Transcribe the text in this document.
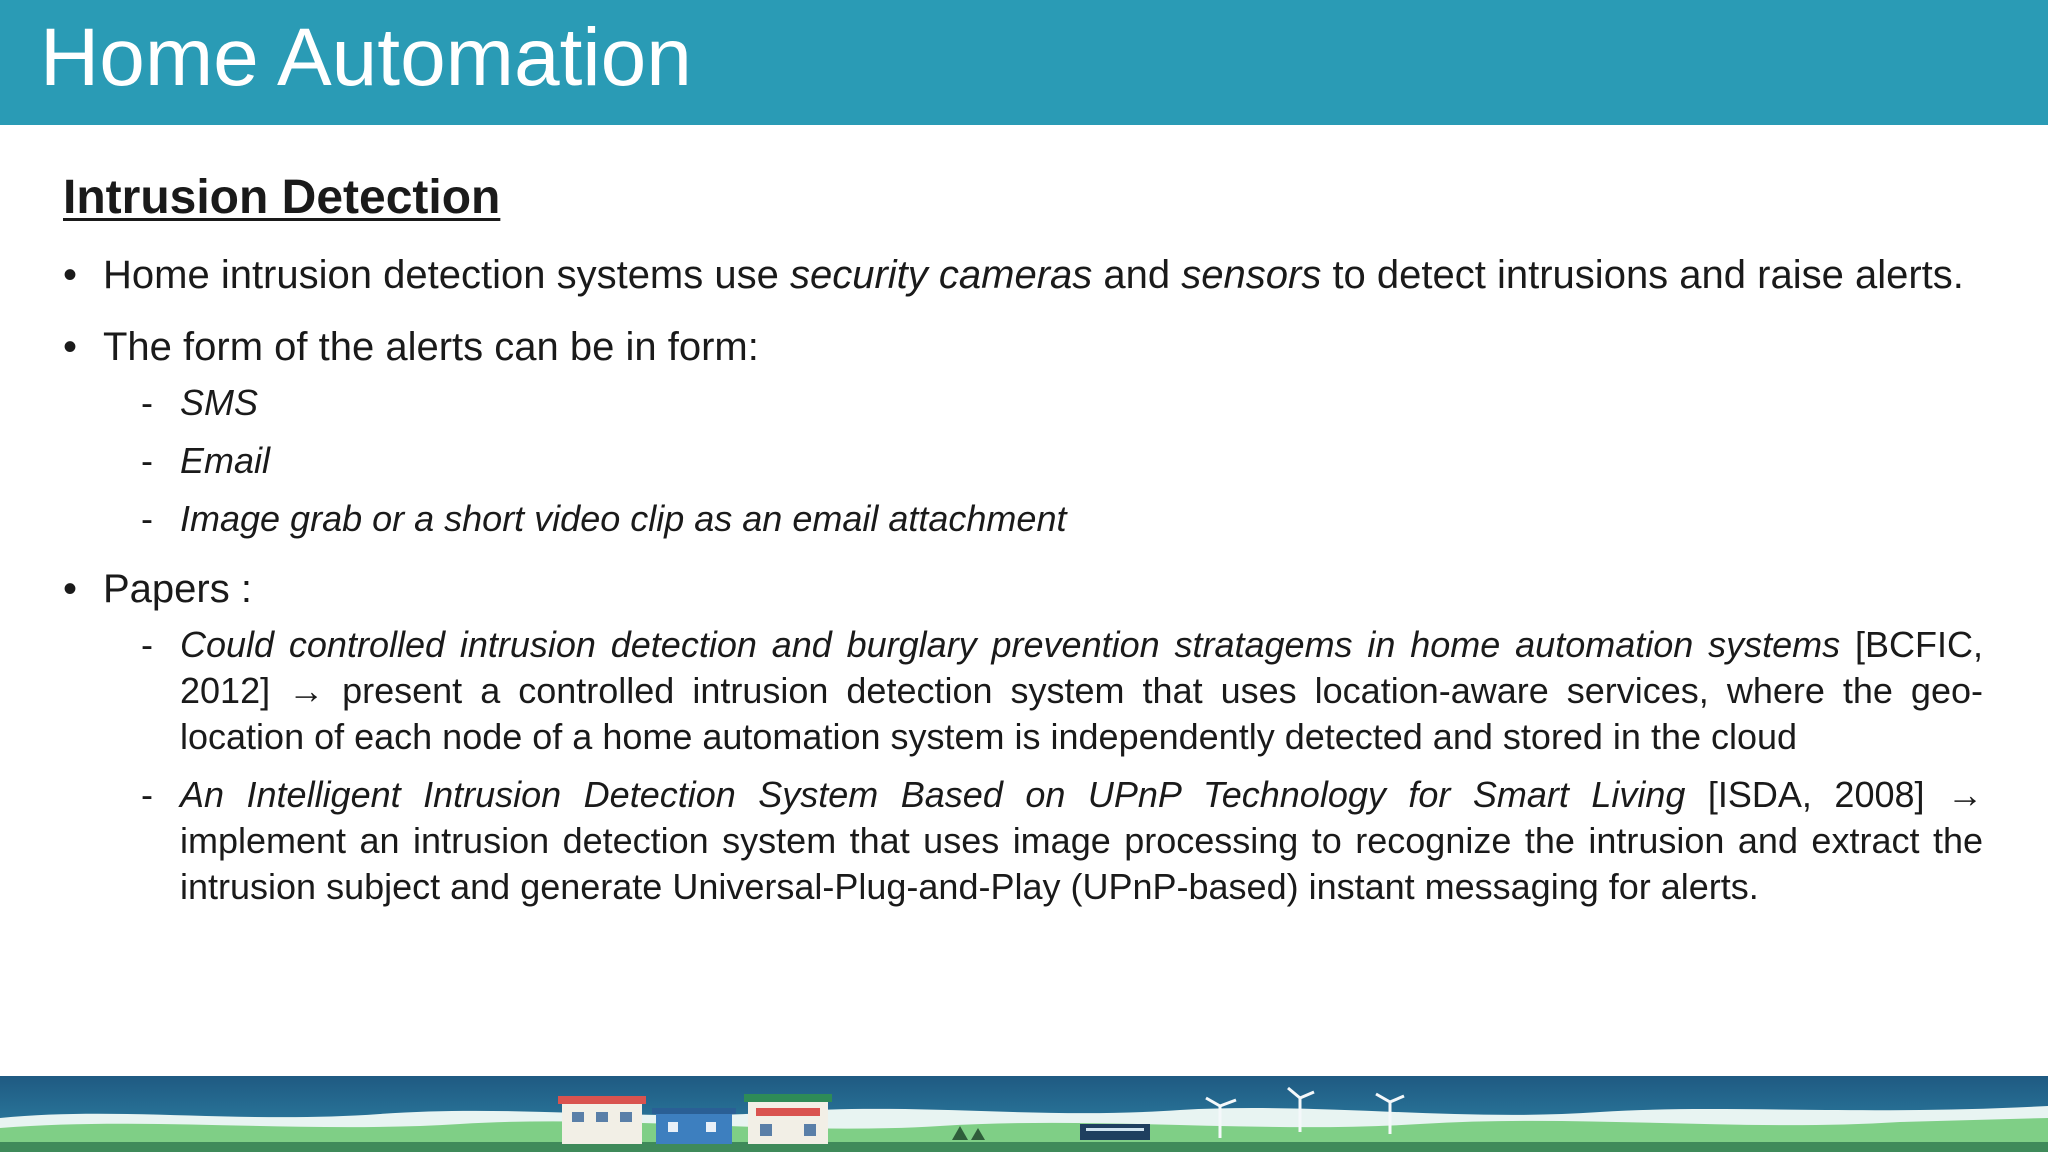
Home Automation
Intrusion Detection
• Home intrusion detection systems use security cameras and sensors to detect intrusions and raise alerts.
• The form of the alerts can be in form:
- SMS
- Email
- Image grab or a short video clip as an email attachment
• Papers :
- Could controlled intrusion detection and burglary prevention stratagems in home automation systems [BCFIC, 2012] → present a controlled intrusion detection system that uses location-aware services, where the geo-location of each node of a home automation system is independently detected and stored in the cloud
- An Intelligent Intrusion Detection System Based on UPnP Technology for Smart Living [ISDA, 2008] → implement an intrusion detection system that uses image processing to recognize the intrusion and extract the intrusion subject and generate Universal-Plug-and-Play (UPnP-based) instant messaging for alerts.
